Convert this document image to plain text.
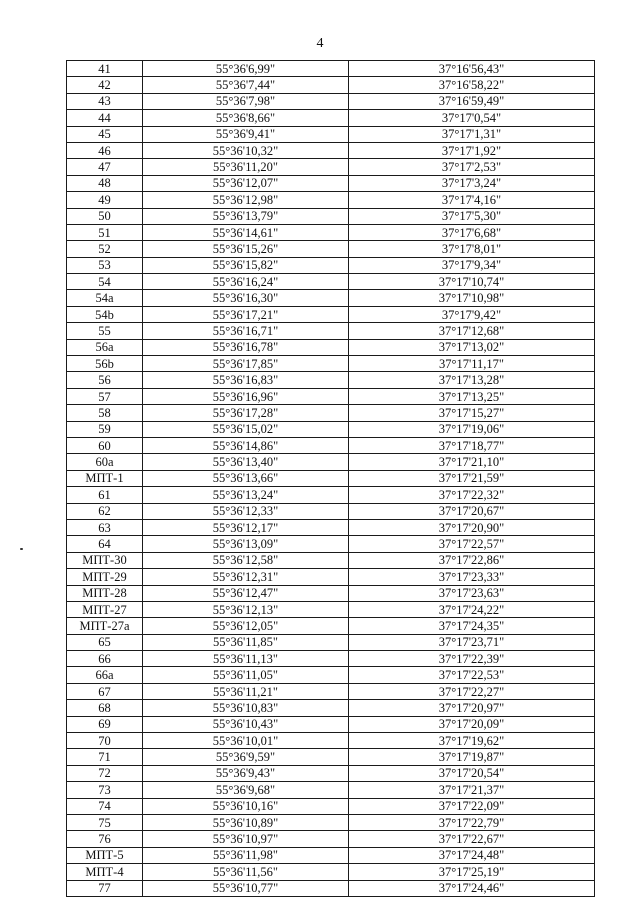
4
41	55°36'6,99"	37°16'56,43"
42	55°36'7,44"	37°16'58,22"
43	55°36'7,98"	37°16'59,49"
44	55°36'8,66"	37°17'0,54"
45	55°36'9,41"	37°17'1,31"
46	55°36'10,32"	37°17'1,92"
47	55°36'11,20"	37°17'2,53"
48	55°36'12,07"	37°17'3,24"
49	55°36'12,98"	37°17'4,16"
50	55°36'13,79"	37°17'5,30"
51	55°36'14,61"	37°17'6,68"
52	55°36'15,26"	37°17'8,01"
53	55°36'15,82"	37°17'9,34"
54	55°36'16,24"	37°17'10,74"
54a	55°36'16,30"	37°17'10,98"
54b	55°36'17,21"	37°17'9,42"
55	55°36'16,71"	37°17'12,68"
56a	55°36'16,78"	37°17'13,02"
56b	55°36'17,85"	37°17'11,17"
56	55°36'16,83"	37°17'13,28"
57	55°36'16,96"	37°17'13,25"
58	55°36'17,28"	37°17'15,27"
59	55°36'15,02"	37°17'19,06"
60	55°36'14,86"	37°17'18,77"
60a	55°36'13,40"	37°17'21,10"
МПТ-1	55°36'13,66"	37°17'21,59"
61	55°36'13,24"	37°17'22,32"
62	55°36'12,33"	37°17'20,67"
63	55°36'12,17"	37°17'20,90"
64	55°36'13,09"	37°17'22,57"
МПТ-30	55°36'12,58"	37°17'22,86"
МПТ-29	55°36'12,31"	37°17'23,33"
МПТ-28	55°36'12,47"	37°17'23,63"
МПТ-27	55°36'12,13"	37°17'24,22"
МПТ-27a	55°36'12,05"	37°17'24,35"
65	55°36'11,85"	37°17'23,71"
66	55°36'11,13"	37°17'22,39"
66a	55°36'11,05"	37°17'22,53"
67	55°36'11,21"	37°17'22,27"
68	55°36'10,83"	37°17'20,97"
69	55°36'10,43"	37°17'20,09"
70	55°36'10,01"	37°17'19,62"
71	55°36'9,59"	37°17'19,87"
72	55°36'9,43"	37°17'20,54"
73	55°36'9,68"	37°17'21,37"
74	55°36'10,16"	37°17'22,09"
75	55°36'10,89"	37°17'22,79"
76	55°36'10,97"	37°17'22,67"
МПТ-5	55°36'11,98"	37°17'24,48"
МПТ-4	55°36'11,56"	37°17'25,19"
77	55°36'10,77"	37°17'24,46"
